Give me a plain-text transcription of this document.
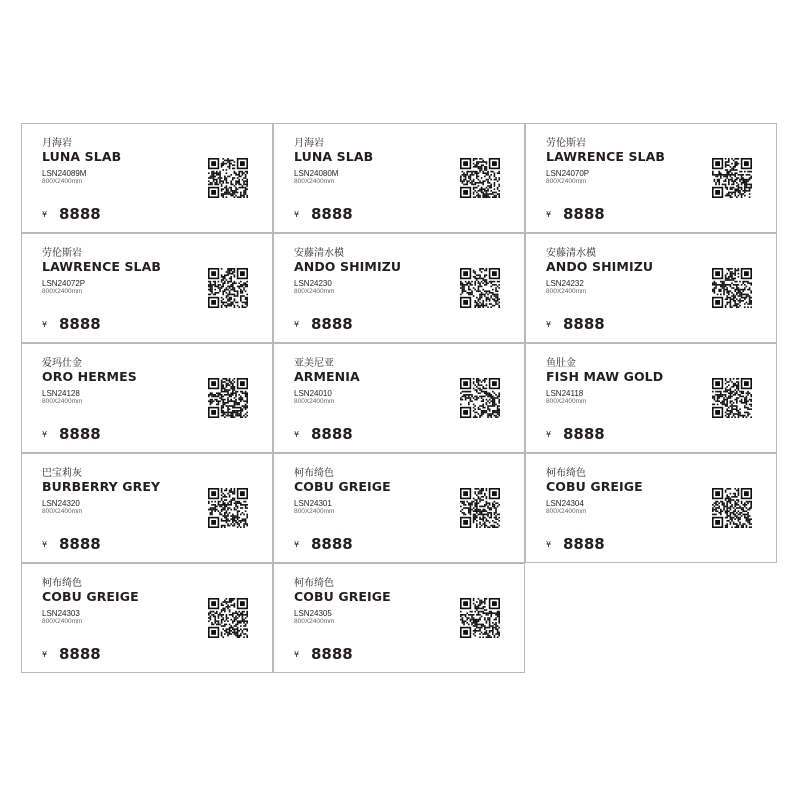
月海岩
LUNA SLAB
LSN24089M
800X2400mm
¥ 8888
月海岩
LUNA SLAB
LSN24080M
800X2400mm
¥ 8888
劳伦斯岩
LAWRENCE SLAB
LSN24070P
800X2400mm
¥ 8888
劳伦斯岩
LAWRENCE SLAB
LSN24072P
800X2400mm
¥ 8888
安藤清水模
ANDO SHIMIZU
LSN24230
800X2400mm
¥ 8888
安藤清水模
ANDO SHIMIZU
LSN24232
800X2400mm
¥ 8888
爱玛仕金
ORO HERMES
LSN24128
800X2400mm
¥ 8888
亚美尼亚
ARMENIA
LSN24010
800X2400mm
¥ 8888
鱼肚金
FISH MAW GOLD
LSN24118
800X2400mm
¥ 8888
巴宝莉灰
BURBERRY GREY
LSN24320
800X2400mm
¥ 8888
柯布绮色
COBU GREIGE
LSN24301
800X2400mm
¥ 8888
柯布绮色
COBU GREIGE
LSN24304
800X2400mm
¥ 8888
柯布绮色
COBU GREIGE
LSN24303
800X2400mm
¥ 8888
柯布绮色
COBU GREIGE
LSN24305
800X2400mm
¥ 8888
